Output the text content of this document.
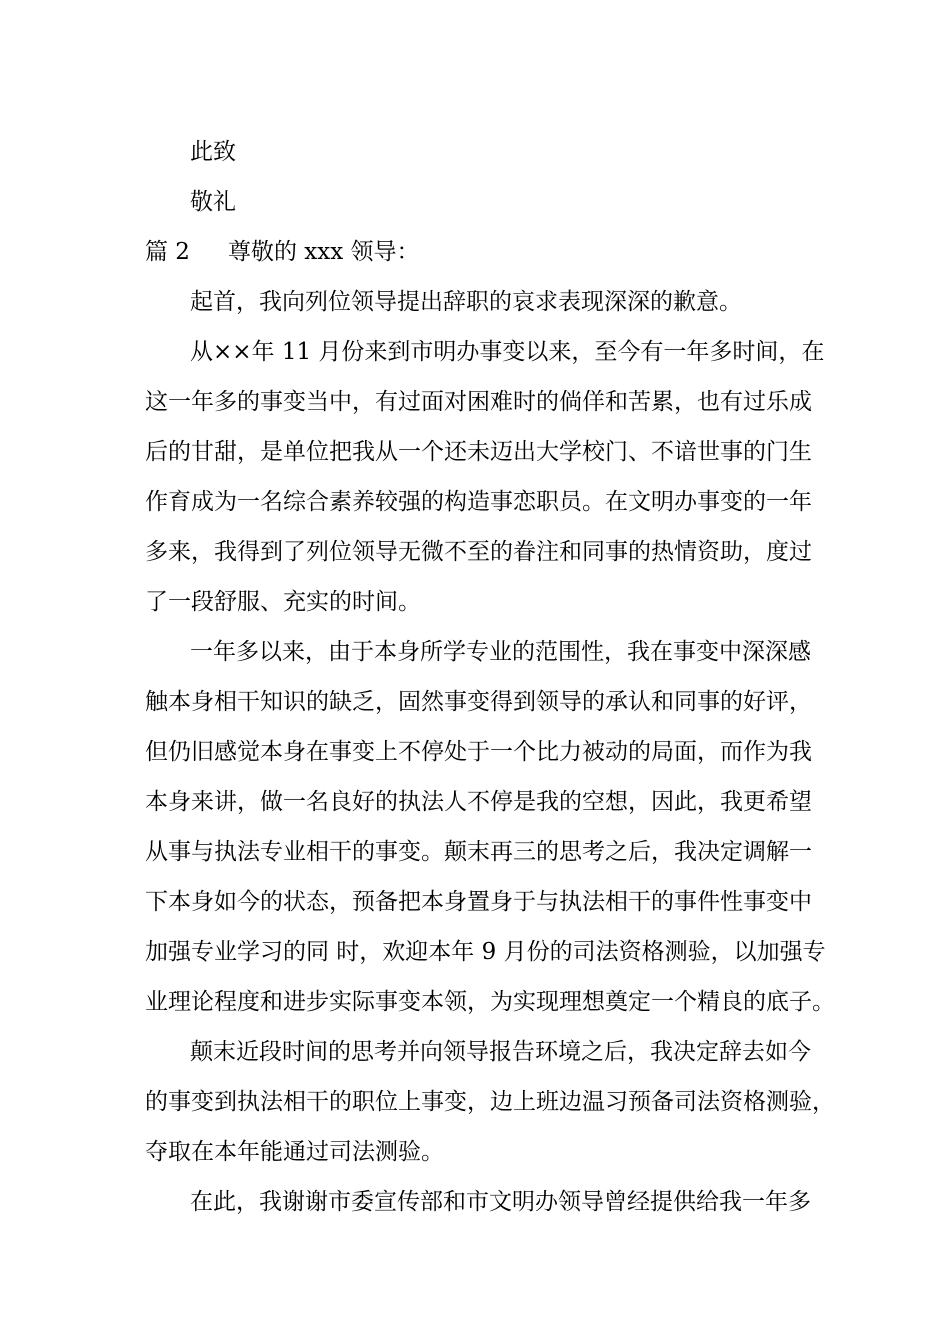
此致
敬礼
篇 2 尊敬的 xxx 领导：
起首，我向列位领导提出辞职的哀求表现深深的歉意。
从××年 11 月份来到市明办事变以来，至今有一年多时间，在
这一年多的事变当中，有过面对困难时的倘佯和苦累，也有过乐成
后的甘甜，是单位把我从一个还未迈出大学校门、不谙世事的门生
作育成为一名综合素养较强的构造事恋职员。在文明办事变的一年
多来，我得到了列位领导无微不至的眷注和同事的热情资助，度过
了一段舒服、充实的时间。
一年多以来，由于本身所学专业的范围性，我在事变中深深感
触本身相干知识的缺乏，固然事变得到领导的承认和同事的好评，
但仍旧感觉本身在事变上不停处于一个比力被动的局面，而作为我
本身来讲，做一名良好的执法人不停是我的空想，因此，我更希望
从事与执法专业相干的事变。颠末再三的思考之后，我决定调解一
下本身如今的状态，预备把本身置身于与执法相干的事件性事变中
加强专业学习的同 时，欢迎本年 9 月份的司法资格测验，以加强专
业理论程度和进步实际事变本领，为实现理想奠定一个精良的底子。
颠末近段时间的思考并向领导报告环境之后，我决定辞去如今
的事变到执法相干的职位上事变，边上班边温习预备司法资格测验，
夺取在本年能通过司法测验。
在此，我谢谢市委宣传部和市文明办领导曾经提供给我一年多
